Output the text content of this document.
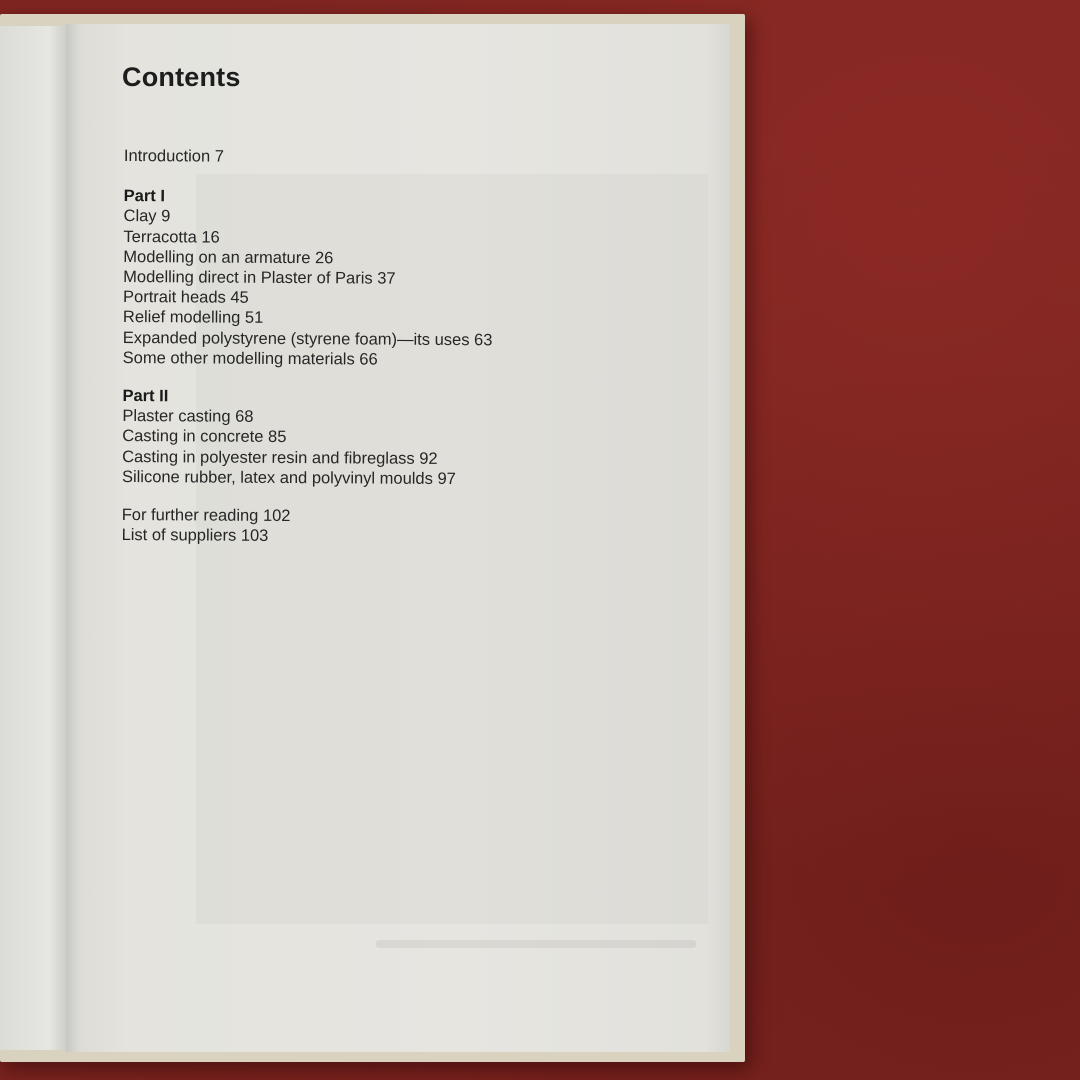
Contents

Introduction 7

Part I

Clay 9

Terracotta 16

Modelling on an armature 26

Modelling direct in Plaster of Paris 37

Portrait heads 45

Relief modelling 51

Expanded polystyrene (styrene foam)—its uses 63

Some other modelling materials 66

Part II

Plaster casting 68

Casting in concrete 85

Casting in polyester resin and fibreglass 92

Silicone rubber, latex and polyvinyl moulds 97

For further reading 102

List of suppliers 103
